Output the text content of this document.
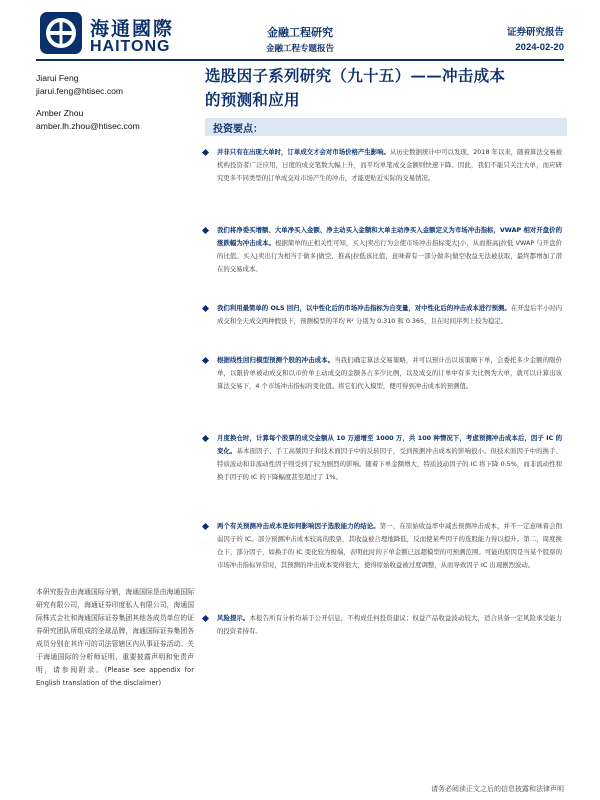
海通國際
HAITONG
金融工程研究
金融工程专题报告
证券研究报告
2024-02-20
Jiarui Feng
jiarui.feng@htisec.com
Amber Zhou
amber.lh.zhou@htisec.com
选股因子系列研究（九十五）——冲击成本
的预测和应用
投资要点：
并非只有在出现大单时，订单成交才会对市场价格产生影响。从历史数据统计中可以发现，2018 年以来，随着算法交易被机构投资者广泛应用，日度的成交笔数大幅上升，而平均单笔成交金额则快速下降。因此，我们不能只关注大单，而应研究更多不同类型的订单成交对市场产生的冲击，才能更贴近实际的交易情况。
我们将净委买增额、大单净买入金额、净主动买入金额和大单主动净买入金额定义为市场冲击指标，VWAP 相对开盘价的涨跌幅为冲击成本。根据简单的正相关性可知，买入|卖出行为会使市场冲击指标变大|小，从而推高|拉低 VWAP 与开盘价的比值。买入|卖出行为相当于做多|做空，推高|拉低该比值，意味着有一部分做多|做空收益无法被获取，最终都增加了潜在的交易成本。
我们利用最简单的 OLS 回归，以中性化后的市场冲击指标为自变量，对中性化后的冲击成本进行预测。在开盘后半小时内成交和全天成交两种假设下，预测模型的平均 R² 分别为 0.310 和 0.365，且在时间序列上较为稳定。
根据线性回归模型预测个股的冲击成本。当我们确定算法交易策略，并可以预计出以该策略下单，会委托多少金额的限价单，以限价单被动成交和以市价单主动成交的金额各占多少比例，以及成交的订单中有多大比例为大单，就可以计算出该算法交易下，4 个市场冲击指标的变化值。将它们代入模型，便可得到冲击成本的预测值。
月度换仓时，计算每个股票的成交金额从 10 万递增至 1000 万，共 100 种情况下，考虑预测冲击成本后，因子 IC 的变化。基本面因子、手工高频因子和技术面因子中的反转因子，受到预测冲击成本的影响很小。但技术面因子中的换手、特质波动和非流动性因子则受到了较为剧烈的影响。随着下单金额增大，特质波动因子的 IC 将下降 0.5%，而非流动性和换手因子的 IC 的下降幅度甚至超过了 1%。
两个有关预测冲击成本是如何影响因子选股能力的结论。第一，在原始收益率中减去预测冲击成本，并不一定意味着会削弱因子的 IC。部分预测冲击成本较高的股票，其收益被合理地降低，反而使某些因子的选股能力得以提升。第二，周度换仓下，部分因子，如换手的 IC 变化较为极端，表明此时的下单金额已远超模型的可预测范围。可能的原因是当某个股票的市场冲击指标异常时，其预测的冲击成本变得很大，使得原始收益被过度调整，从而导致因子 IC 出现剧烈波动。
风险提示。本报告所有分析均基于公开信息，不构成任何投资建议；权益产品收益波动较大，适合具备一定风险承受能力的投资者持有。
本研究报告由海通国际分销，海通国际是由海通国际研究有限公司，海通证券印度私人有限公司，海通国际株式会社和海通国际证券集团其他各成员单位的证券研究团队所组成的全球品牌，海通国际证券集团各成员分别在其许可的司法管辖区内从事证券活动。关于海通国际的分析师证明，重要披露声明和免责声明，请参阅附录。(Please see appendix for English translation of the disclaimer)
请务必阅读正文之后的信息披露和法律声明
